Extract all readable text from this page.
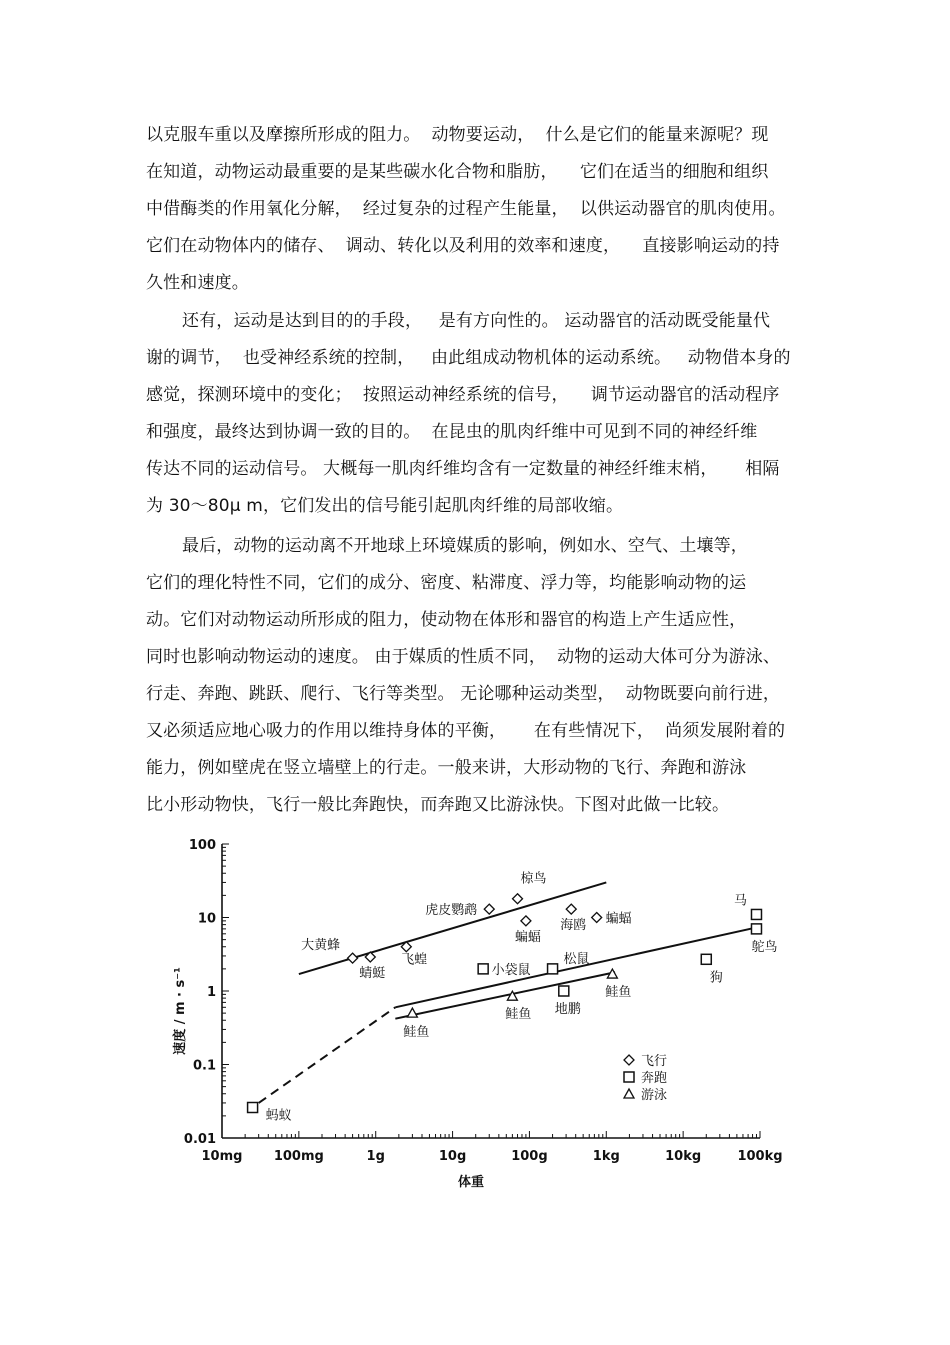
以克服车重以及摩擦所形成的阻力。  动物要运动，  什么是它们的能量来源呢？现
在知道，动物运动最重要的是某些碳水化合物和脂肪，    它们在适当的细胞和组织
中借酶类的作用氧化分解，  经过复杂的过程产生能量，  以供运动器官的肌肉使用。
它们在动物体内的储存、  调动、转化以及利用的效率和速度，    直接影响运动的持
久性和速度。
还有，运动是达到目的的手段，   是有方向性的。 运动器官的活动既受能量代
谢的调节，  也受神经系统的控制，   由此组成动物机体的运动系统。   动物借本身的
感觉，探测环境中的变化；  按照运动神经系统的信号，    调节运动器官的活动程序
和强度，最终达到协调一致的目的。  在昆虫的肌肉纤维中可见到不同的神经纤维
传达不同的运动信号。 大概每一肌肉纤维均含有一定数量的神经纤维末梢，     相隔
为 30～80μ m，它们发出的信号能引起肌肉纤维的局部收缩。
最后，动物的运动离不开地球上环境媒质的影响，例如水、空气、土壤等，
它们的理化特性不同，它们的成分、密度、粘滞度、浮力等，均能影响动物的运
动。它们对动物运动所形成的阻力，使动物在体形和器官的构造上产生适应性，
同时也影响动物运动的速度。 由于媒质的性质不同，  动物的运动大体可分为游泳、
行走、奔跑、跳跃、爬行、飞行等类型。 无论哪种运动类型，  动物既要向前行进，
又必须适应地心吸力的作用以维持身体的平衡，     在有些情况下，  尚须发展附着的
能力，例如壁虎在竖立墙壁上的行走。一般来讲，大形动物的飞行、奔跑和游泳
比小形动物快，飞行一般比奔跑快，而奔跑又比游泳快。下图对此做一比较。
10mg 100mg	1g	10g	100g	1kg	10kg	100kg
100
10
1
0.1
0.01
体重
速度 / m · s⁻¹
大黄蜂
蜻蜓
飞蝗
虎皮鹦鹉
椋鸟
蝙蝠
海鸥 蝙蝠
蚂蚁
小袋鼠
松鼠
地鹏
狗
马
鸵鸟
鲑鱼
鲑鱼
鲑鱼
飞行
奔跑
游泳
